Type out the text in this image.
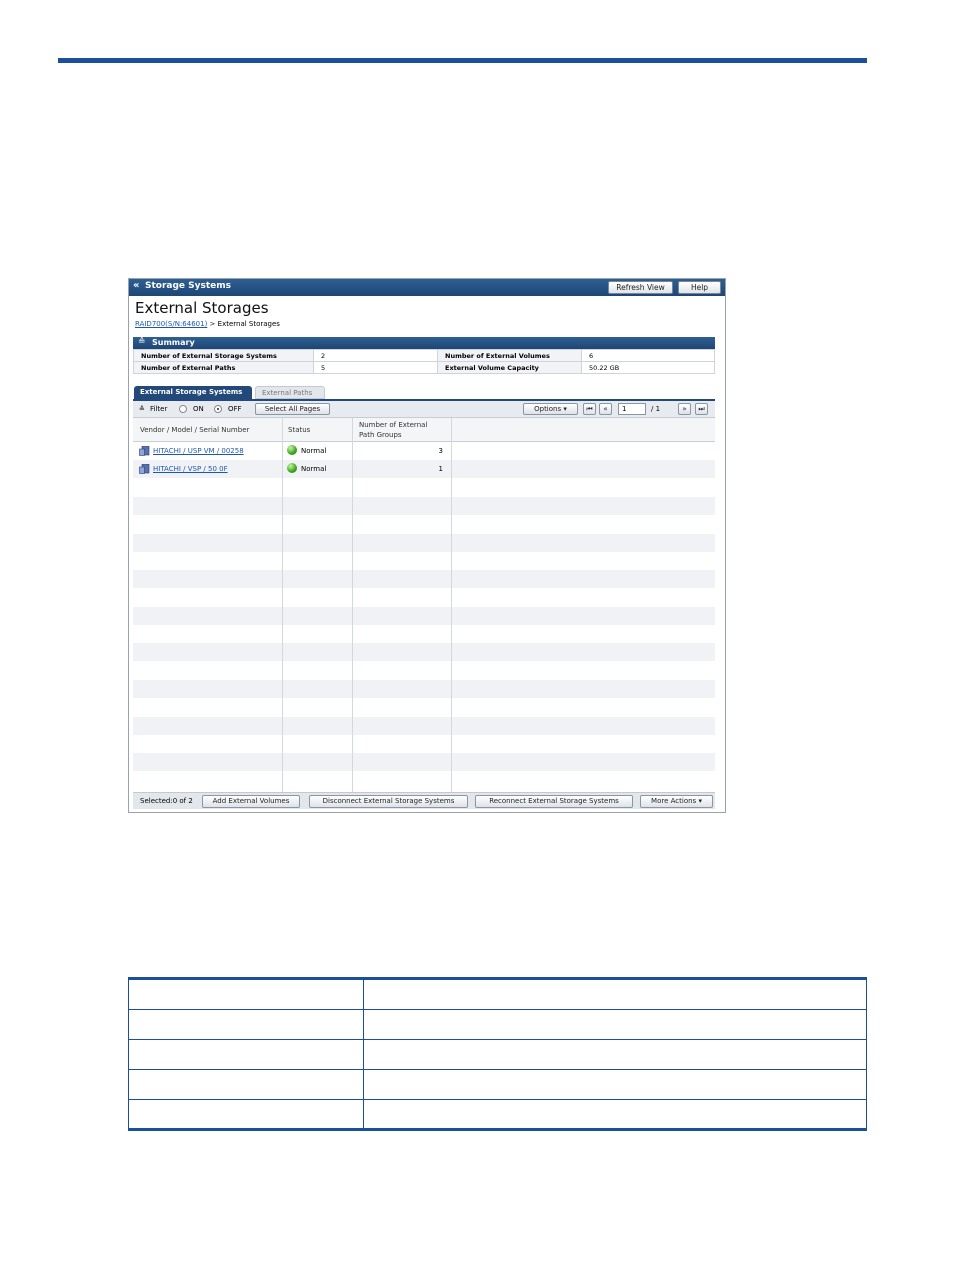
« Storage Systems	Refresh View	Help
External Storages
RAID700(S/N:64601) > External Storages
≙ Summary
Number of External Storage Systems	2	Number of External Volumes	6
Number of External Paths	5	External Volume Capacity	50.22 GB
External Storage Systems	External Paths
≙ Filter	ON	OFF	Select All Pages	Options ▾	⏮	«	1	/ 1	»	⏭
Vendor / Model / Serial Number	Status
Number of External
Path Groups
HITACHI / USP VM / 00258	Normal	3
HITACHI / VSP / 50 0F	Normal	1
Selected:0 of 2	Add External Volumes	Disconnect External Storage Systems	Reconnect External Storage Systems	More Actions ▾
